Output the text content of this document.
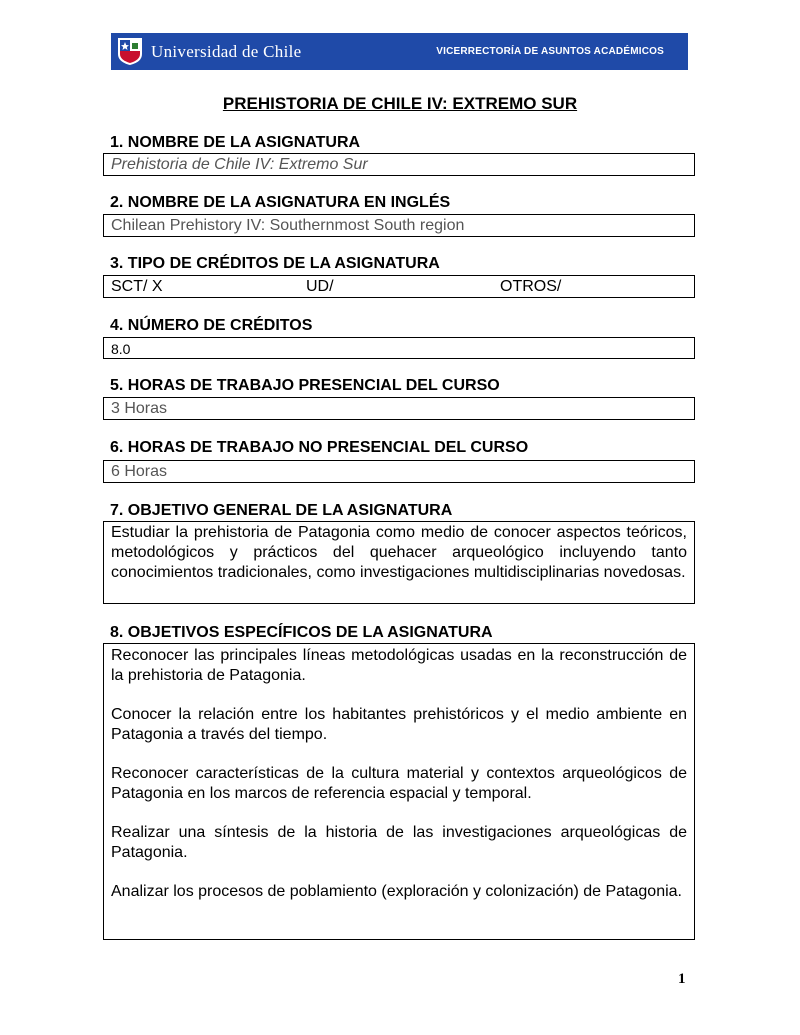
Universidad de Chile	VICERRECTORÍA DE ASUNTOS ACADÉMICOS
PREHISTORIA DE CHILE IV: EXTREMO SUR
1. NOMBRE DE LA ASIGNATURA
Prehistoria de Chile IV: Extremo Sur
2. NOMBRE DE LA ASIGNATURA EN INGLÉS
Chilean Prehistory IV: Southernmost South region
3. TIPO DE CRÉDITOS DE LA ASIGNATURA
SCT/ X	UD/	OTROS/
4. NÚMERO DE CRÉDITOS
8.0
5. HORAS DE TRABAJO PRESENCIAL DEL CURSO
3 Horas
6. HORAS DE TRABAJO NO PRESENCIAL DEL CURSO
6 Horas
7. OBJETIVO GENERAL DE LA ASIGNATURA
Estudiar la prehistoria de Patagonia como medio de conocer aspectos teóricos, metodológicos y prácticos del quehacer arqueológico incluyendo tanto conocimientos tradicionales, como investigaciones multidisciplinarias novedosas.
8. OBJETIVOS ESPECÍFICOS DE LA ASIGNATURA

Reconocer las principales líneas metodológicas usadas en la reconstrucción de la prehistoria de Patagonia.

Conocer la relación entre los habitantes prehistóricos y el medio ambiente en Patagonia a través del tiempo.

Reconocer características de la cultura material y contextos arqueológicos de Patagonia en los marcos de referencia espacial y temporal.

Realizar una síntesis de la historia de las investigaciones arqueológicas de Patagonia.

Analizar los procesos de poblamiento (exploración y colonización) de Patagonia.

1
